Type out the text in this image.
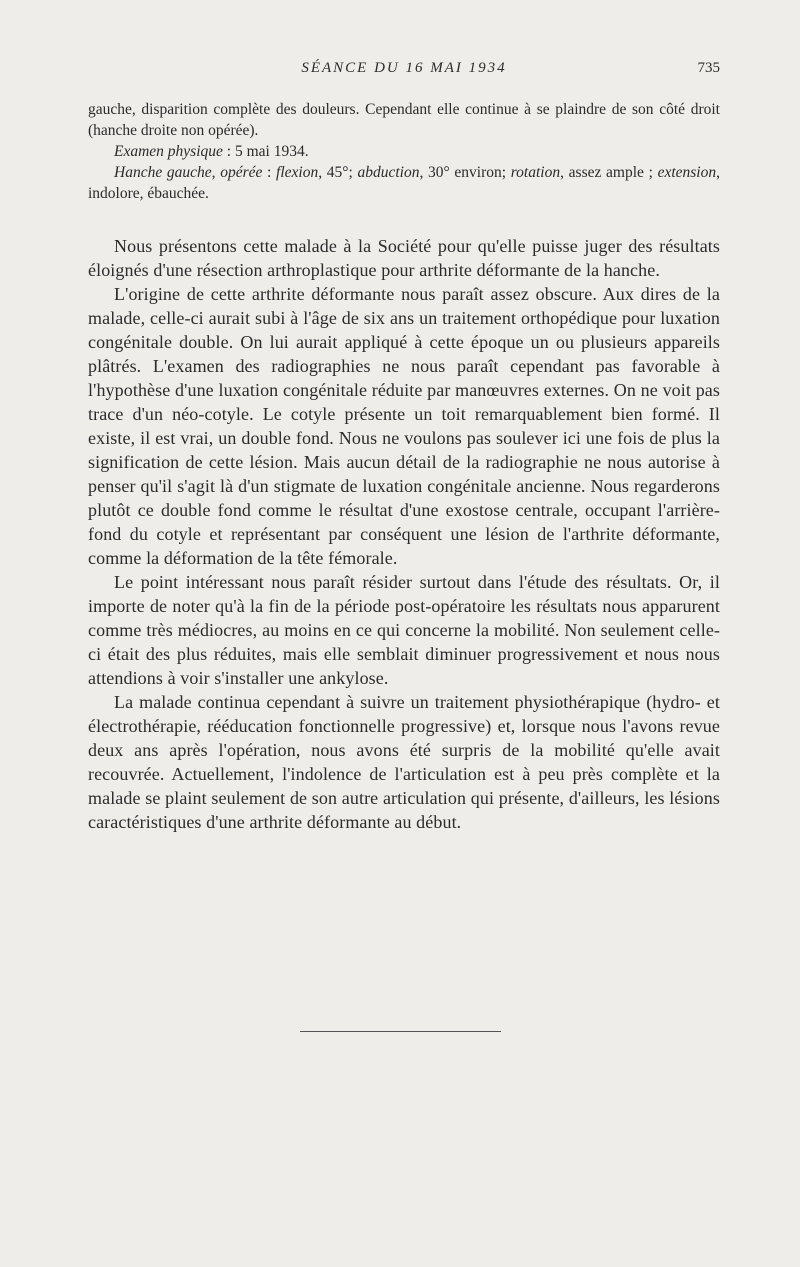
SÉANCE DU 16 MAI 1934	735

gauche, disparition complète des douleurs. Cependant elle continue à se plaindre de son côté droit (hanche droite non opérée).

Examen physique : 5 mai 1934.

Hanche gauche, opérée : flexion, 45°; abduction, 30° environ; rotation, assez ample ; extension, indolore, ébauchée.

Nous présentons cette malade à la Société pour qu'elle puisse juger des résultats éloignés d'une résection arthroplastique pour arthrite déformante de la hanche.

L'origine de cette arthrite déformante nous paraît assez obscure. Aux dires de la malade, celle-ci aurait subi à l'âge de six ans un traitement orthopédique pour luxation congénitale double. On lui aurait appliqué à cette époque un ou plusieurs appareils plâtrés. L'examen des radiographies ne nous paraît cependant pas favorable à l'hypothèse d'une luxation congénitale réduite par manœuvres externes. On ne voit pas trace d'un néo-cotyle. Le cotyle présente un toit remarquablement bien formé. Il existe, il est vrai, un double fond. Nous ne voulons pas soulever ici une fois de plus la signification de cette lésion. Mais aucun détail de la radiographie ne nous autorise à penser qu'il s'agit là d'un stigmate de luxation congénitale ancienne. Nous regarderons plutôt ce double fond comme le résultat d'une exostose centrale, occupant l'arrière-fond du cotyle et représentant par conséquent une lésion de l'arthrite déformante, comme la déformation de la tête fémorale.

Le point intéressant nous paraît résider surtout dans l'étude des résultats. Or, il importe de noter qu'à la fin de la période post-opératoire les résultats nous apparurent comme très médiocres, au moins en ce qui concerne la mobilité. Non seulement celle-ci était des plus réduites, mais elle semblait diminuer progressivement et nous nous attendions à voir s'installer une ankylose.

La malade continua cependant à suivre un traitement physiothérapique (hydro- et électrothérapie, rééducation fonctionnelle progressive) et, lorsque nous l'avons revue deux ans après l'opération, nous avons été surpris de la mobilité qu'elle avait recouvrée. Actuellement, l'indolence de l'articulation est à peu près complète et la malade se plaint seulement de son autre articulation qui présente, d'ailleurs, les lésions caractéristiques d'une arthrite déformante au début.
